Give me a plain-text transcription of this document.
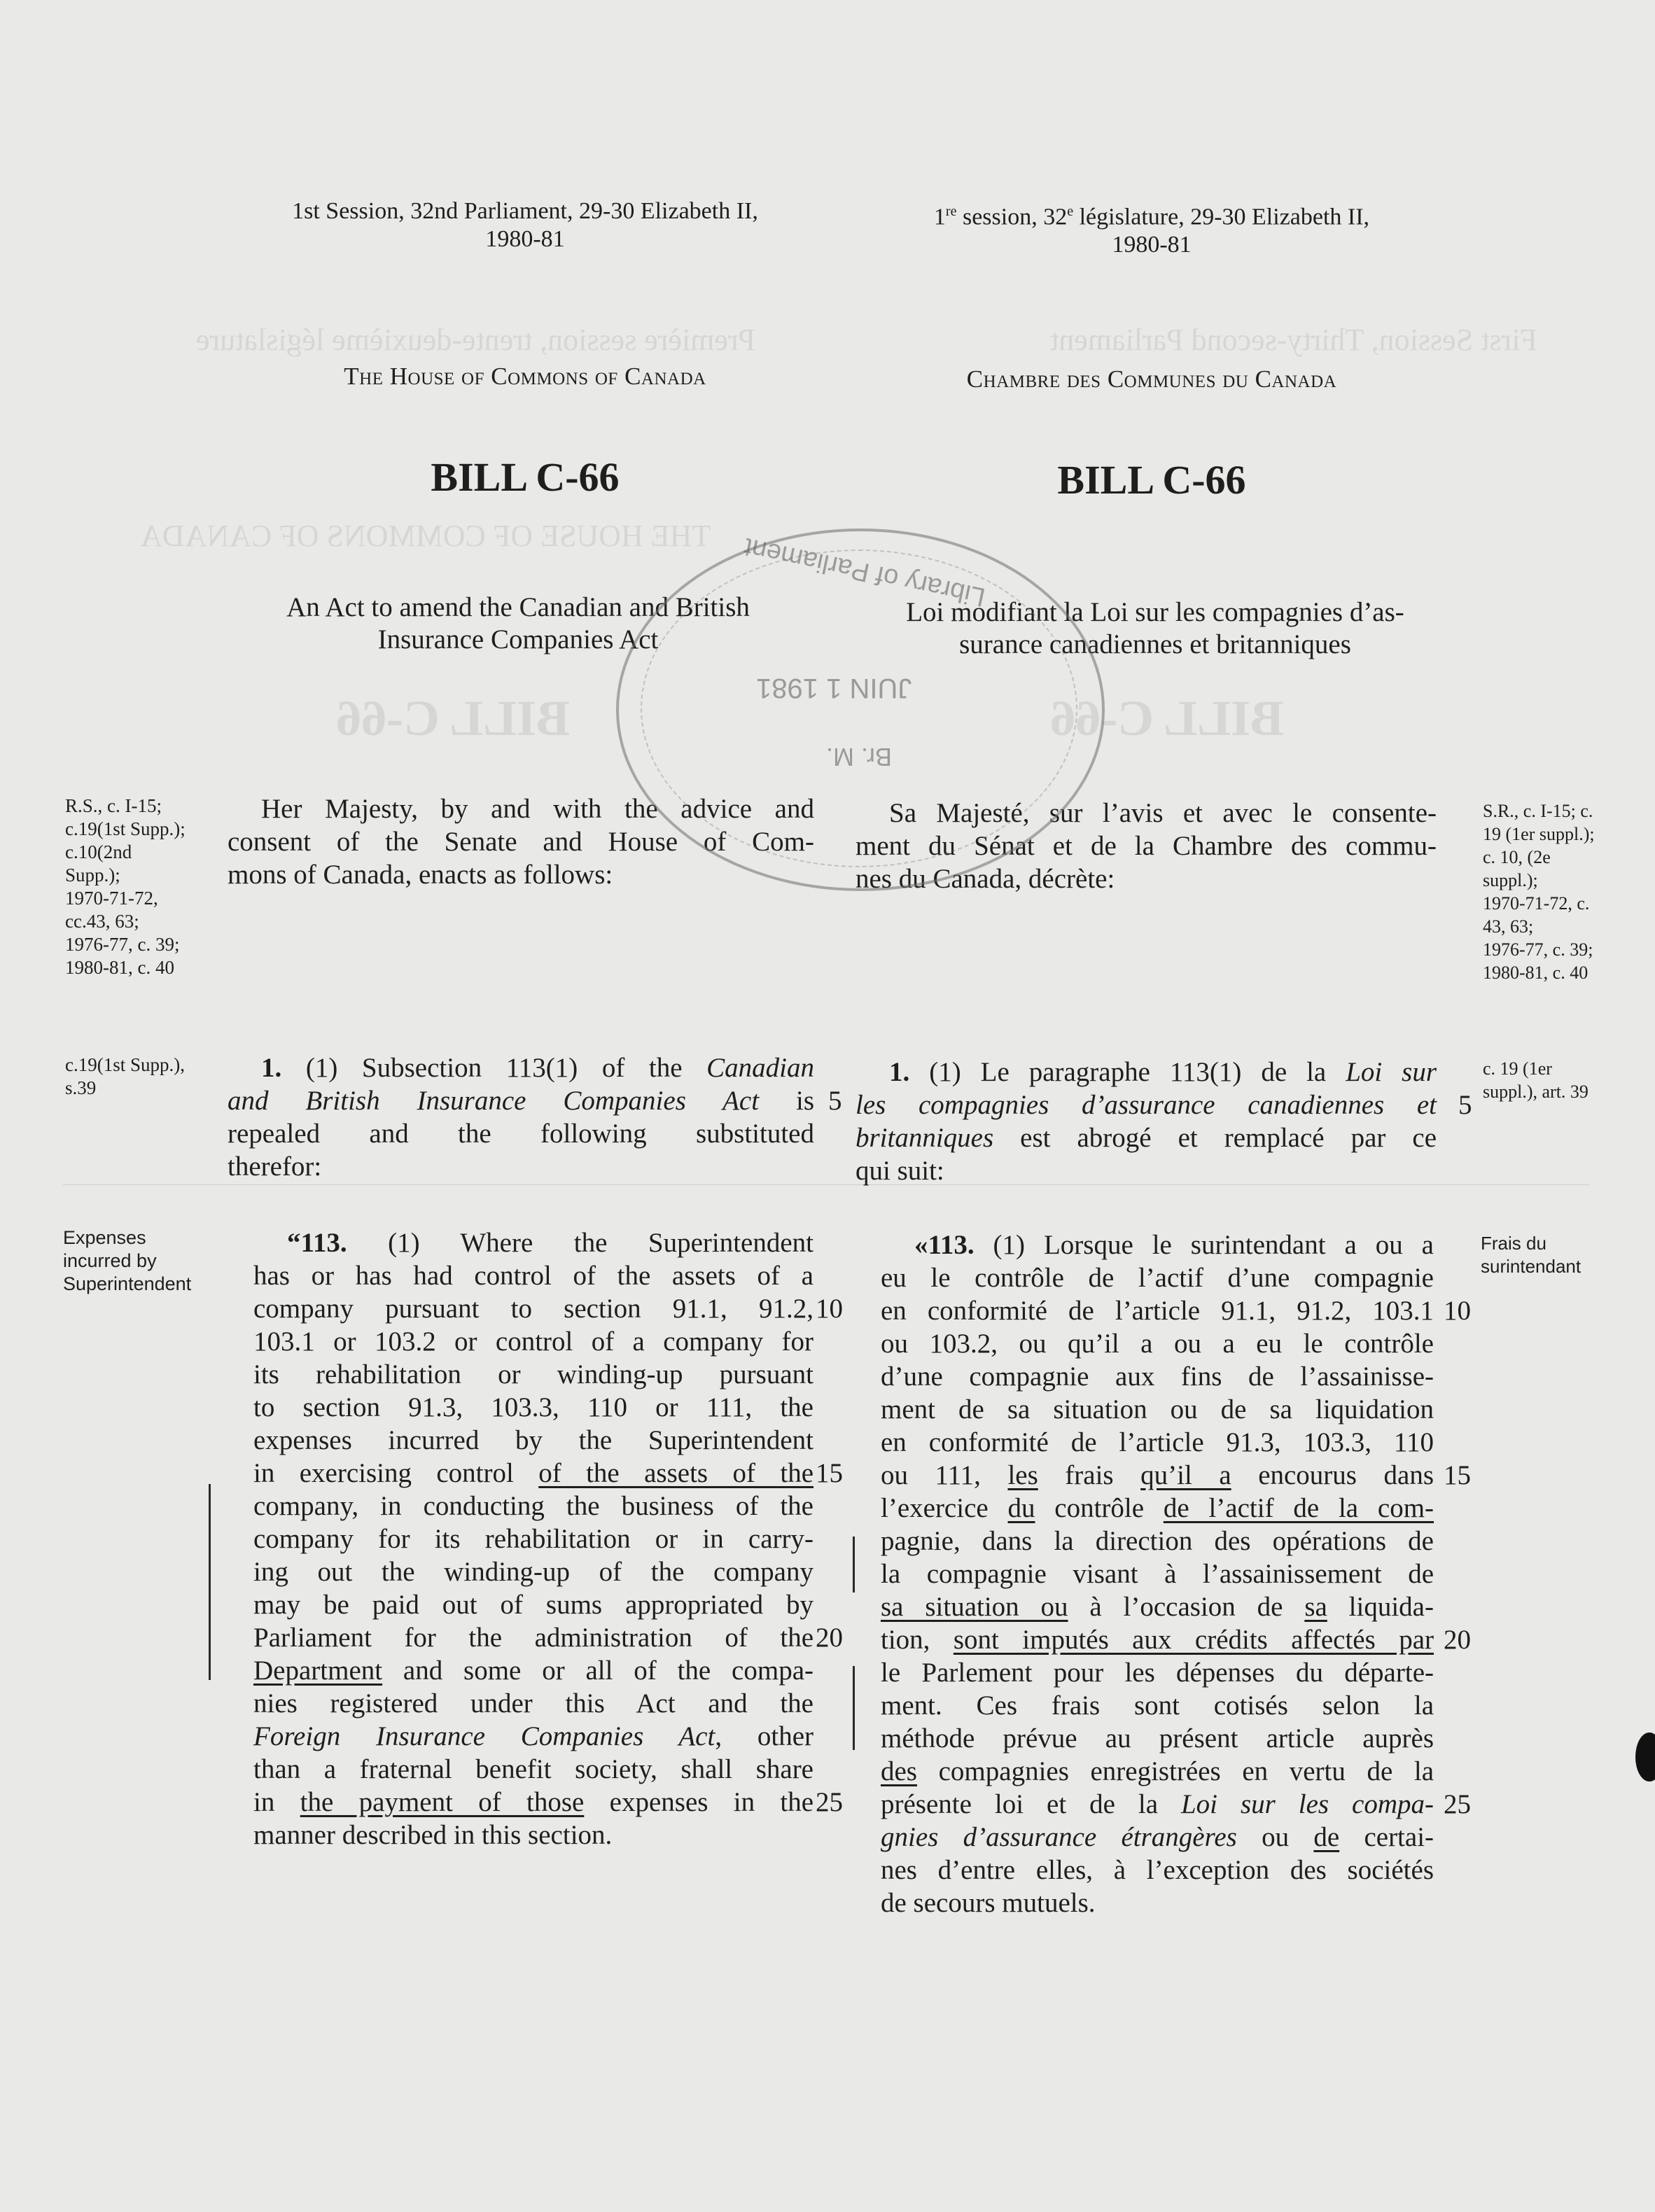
First Session, Thirty-second Parliament
Première session, trente-deuxième législature
THE HOUSE OF COMMONS OF CANADA
BILL C-66
BILL C-66
1st Session, 32nd Parliament, 29-30 Elizabeth II,
1980-81
The House of Commons of Canada
BILL C-66
An Act to amend the Canadian and British
Insurance Companies Act
R.S., c. I-15;
c.19(1st Supp.);
c.10(2nd
Supp.);
1970-71-72,
cc.43, 63;
1976-77, c. 39;
1980-81, c. 40
Her Majesty, by and with the advice and
consent of the Senate and House of Com-
mons of Canada, enacts as follows:
c.19(1st Supp.),
s.39
1. (1) Subsection 113(1) of the Canadian
and British Insurance Companies Act is
repealed and the following substituted
therefor:
5
Expenses
incurred by
Superintendent
“113. (1) Where the Superintendent
has or has had control of the assets of a
company pursuant to section 91.1, 91.2,
103.1 or 103.2 or control of a company for
its rehabilitation or winding-up pursuant
to section 91.3, 103.3, 110 or 111, the
expenses incurred by the Superintendent
in exercising control of the assets of the
company, in conducting the business of the
company for its rehabilitation or in carry-
ing out the winding-up of the company
may be paid out of sums appropriated by
Parliament for the administration of the
Department and some or all of the compa-
nies registered under this Act and the
Foreign Insurance Companies Act, other
than a fraternal benefit society, shall share
in the payment of those expenses in the
manner described in this section.
10
15
20
25
1re session, 32e législature, 29-30 Elizabeth II,
1980-81
Chambre des Communes du Canada
BILL C-66
Loi modifiant la Loi sur les compagnies d’as-
surance canadiennes et britanniques
Sa Majesté, sur l’avis et avec le consente-
ment du Sénat et de la Chambre des commu-
nes du Canada, décrète:
S.R., c. I-15; c.
19 (1er suppl.);
c. 10, (2e
suppl.);
1970-71-72, c.
43, 63;
1976-77, c. 39;
1980-81, c. 40
1. (1) Le paragraphe 113(1) de la Loi sur
les compagnies d’assurance canadiennes et
britanniques est abrogé et remplacé par ce
qui suit:
5
c. 19 (1er
suppl.), art. 39
Frais du
surintendant
«113. (1) Lorsque le surintendant a ou a
eu le contrôle de l’actif d’une compagnie
en conformité de l’article 91.1, 91.2, 103.1
ou 103.2, ou qu’il a ou a eu le contrôle
d’une compagnie aux fins de l’assainisse-
ment de sa situation ou de sa liquidation
en conformité de l’article 91.3, 103.3, 110
ou 111, les frais qu’il a encourus dans
l’exercice du contrôle de l’actif de la com-
pagnie, dans la direction des opérations de
la compagnie visant à l’assainissement de
sa situation ou à l’occasion de sa liquida-
tion, sont imputés aux crédits affectés par
le Parlement pour les dépenses du départe-
ment. Ces frais sont cotisés selon la
méthode prévue au présent article auprès
des compagnies enregistrées en vertu de la
présente loi et de la Loi sur les compa-
gnies d’assurance étrangères ou de certai-
nes d’entre elles, à l’exception des sociétés
de secours mutuels.
10
15
20
25
Library of Parliament
JUIN 1 1981
Br. M.
